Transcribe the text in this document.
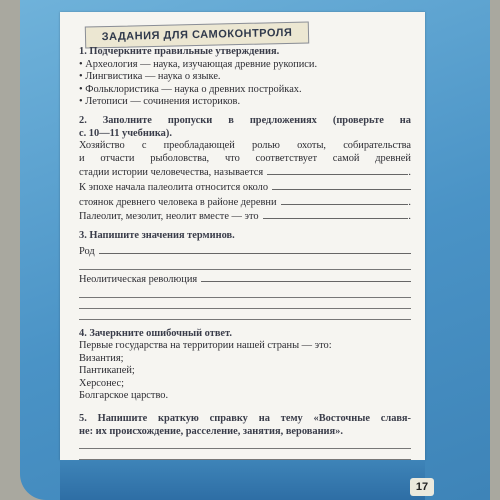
ЗАДАНИЯ ДЛЯ САМОКОНТРОЛЯ
1. Подчеркните правильные утверждения.
• Археология — наука, изучающая древние рукописи.
• Лингвистика — наука о языке.
• Фольклористика — наука о древних постройках.
• Летописи — сочинения историков.
2. Заполните пропуски в предложениях (проверьте на
с. 10—11 учебника).
Хозяйство с преобладающей ролью охоты, собирательства
и отчасти рыболовства, что соответствует самой древней
стадии истории человечества, называется	.
К эпохе начала палеолита относится около
стоянок древнего человека в районе деревни	.
Палеолит, мезолит, неолит вместе — это	.
3. Напишите значения терминов.
Род
Неолитическая революция
4. Зачеркните ошибочный ответ.
Первые государства на территории нашей страны — это:
Византия;
Пантикапей;
Херсонес;
Болгарское царство.
5. Напишите краткую справку на тему «Восточные славя-
не: их происхождение, расселение, занятия, верования».
17
